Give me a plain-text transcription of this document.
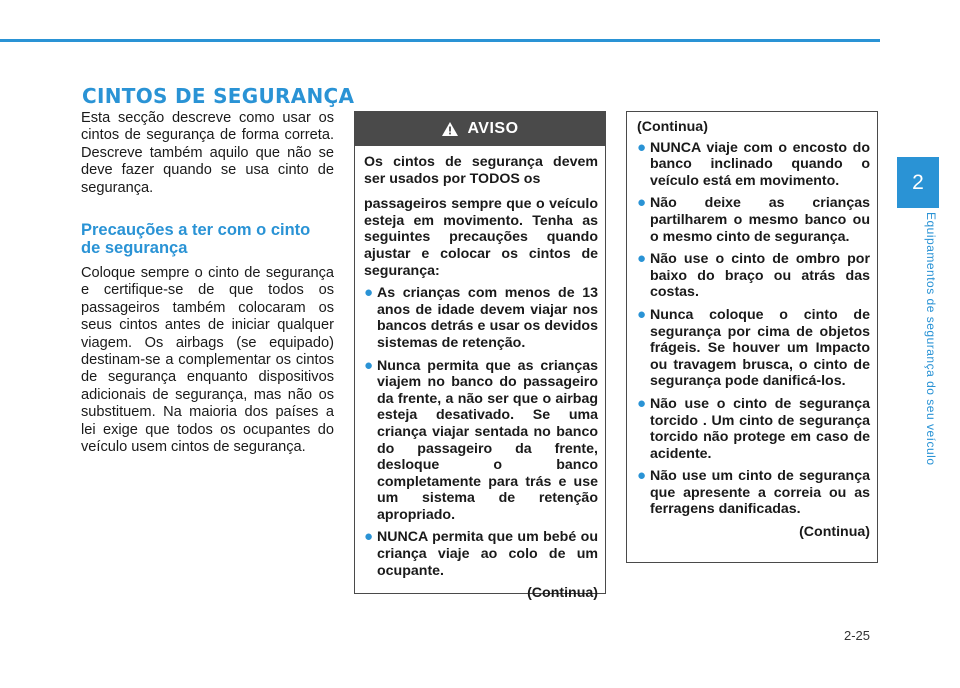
CINTOS DE SEGURANÇA

Esta secção descreve como usar os cintos de segurança de forma correta. Descreve também aquilo que não se deve fazer quando se usa cinto de segurança.

Precauções a ter com o cinto de segurança

Coloque sempre o cinto de segurança e certifique-se de que todos os passageiros também colocaram os seus cintos antes de iniciar qualquer viagem. Os airbags (se equipado) destinam-se a complementar os cintos de segurança enquanto dispositivos adicionais de segurança, mas não os substituem. Na maioria dos países a lei exige que todos os ocupantes do veículo usem cintos de segurança.

AVISO

Os cintos de segurança devem ser usados por TODOS os

passageiros sempre que o veículo esteja em movimento. Tenha as seguintes precauções quando ajustar e colocar os cintos de segurança:

● As crianças com menos de 13 anos de idade devem viajar nos bancos detrás e usar os devidos sistemas de retenção.
● Nunca permita que as crianças viajem no banco do passageiro da frente, a não ser que o airbag esteja desativado. Se uma criança viajar sentada no banco do passageiro da frente, desloque o banco completamente para trás e use um sistema de retenção apropriado.
● NUNCA permita que um bebé ou criança viaje ao colo de um ocupante.

(Continua)

(Continua)

● NUNCA viaje com o encosto do banco inclinado quando o veículo está em movimento.
● Não deixe as crianças partilharem o mesmo banco ou o mesmo cinto de segurança.
● Não use o cinto de ombro por baixo do braço ou atrás das costas.
● Nunca coloque o cinto de segurança por cima de objetos frágeis. Se houver um Impacto ou travagem brusca, o cinto de segurança pode danificá-los.
● Não use o cinto de segurança torcido . Um cinto de segurança torcido não protege em caso de acidente.
● Não use um cinto de segurança que apresente a correia ou as ferragens danificadas.

(Continua)

2
Equipamentos de segurança do seu veículo
2-25
